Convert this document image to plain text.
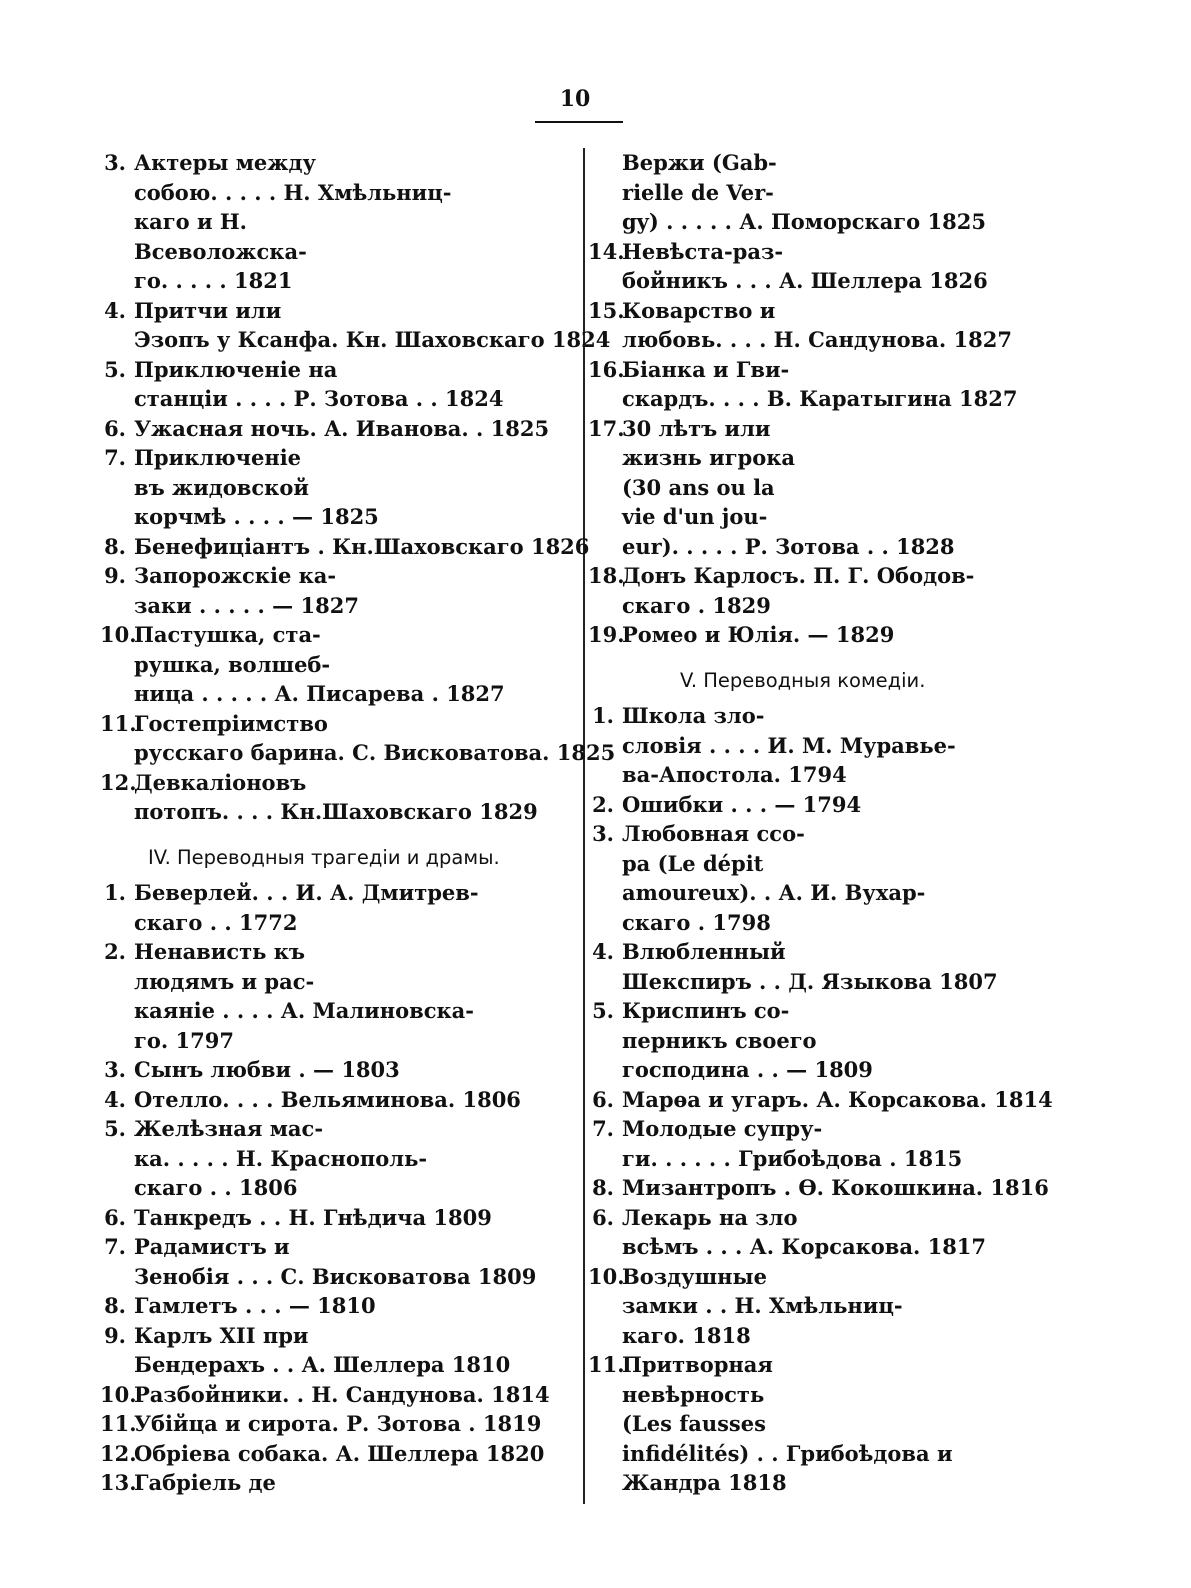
10
3. Актеры между
собою. . . . . Н. Хмѣльниц-
каго и Н.
Всеволожска-
го. . . . . 1821
4. Притчи или
Эзопъ у Ксанфа. Кн. Шаховскаго 1824
5. Приключеніе на
станціи . . . . Р. Зотова . . 1824
6. Ужасная ночь. А. Иванова. . 1825
7. Приключеніе
въ жидовской
корчмѣ . . . . — 1825
8. Бенефиціантъ . Кн.Шаховскаго 1826
9. Запорожскіе ка-
заки . . . . . — 1827
10.
Пастушка, ста-
рушка, волшеб-
ница . . . . . А. Писарева . 1827
11.
Гостепріимство
русскаго барина. С. Висковатова. 1825
12.
Девкаліоновъ
потопъ. . . . Кн.Шаховскаго 1829
IV. Переводныя трагедіи и драмы.
1. Беверлей. . . И. А. Дмитрев-
скаго . . 1772
2. Ненависть къ
людямъ и рас-
каяніе . . . . А. Малиновска-
го. 1797
3. Сынъ любви . — 1803
4. Отелло. . . . Вельяминова. 1806
5. Желѣзная мас-
ка. . . . . Н. Краснополь-
скаго . . 1806
6. Танкредъ . . Н. Гнѣдича 1809
7. Радамистъ и
Зенобія . . . С. Висковатова 1809
8. Гамлетъ . . . — 1810
9. Карлъ XII при
Бендерахъ . . А. Шеллера 1810
10.
Разбойники. . Н. Сандунова. 1814
11.
Убійца и сирота. Р. Зотова . 1819
12.
Обріева собака. А. Шеллера 1820
13.
Габріель де
Вержи (Gab-
rielle de Ver-
gy) . . . . . А. Поморскаго 1825
14.
Невѣста-раз-
бойникъ . . . А. Шеллера 1826
15.
Коварство и
любовь. . . . Н. Сандунова. 1827
16.
Біанка и Гви-
скардъ. . . . В. Каратыгина 1827
17.
30 лѣтъ или
жизнь игрока
(30 ans ou la
vie d'un jou-
eur). . . . . Р. Зотова . . 1828
18.
Донъ Карлосъ. П. Г. Ободов-
скаго . 1829
19.
Ромео и Юлія. — 1829
V. Переводныя комедіи.
1. Школа зло-
словія . . . . И. М. Муравье-
ва-Апостола. 1794
2. Ошибки . . . — 1794
3. Любовная ссо-
ра (Le dépit
amoureux). . А. И. Вухар-
скаго . 1798
4. Влюбленный
Шекспиръ . . Д. Языкова 1807
5. Криспинъ со-
перникъ своего
господина . . — 1809
6. Марѳа и угаръ. А. Корсакова. 1814
7. Молодые супру-
ги. . . . . . Грибоѣдова . 1815
8. Мизантропъ . Ѳ. Кокошкина. 1816
6. Лекарь на зло
всѣмъ . . . А. Корсакова. 1817
10.
Воздушные
замки . . Н. Хмѣльниц-
каго. 1818
11.
Притворная
невѣрность
(Les fausses
infidélités) . . Грибоѣдова и
Жандра 1818
